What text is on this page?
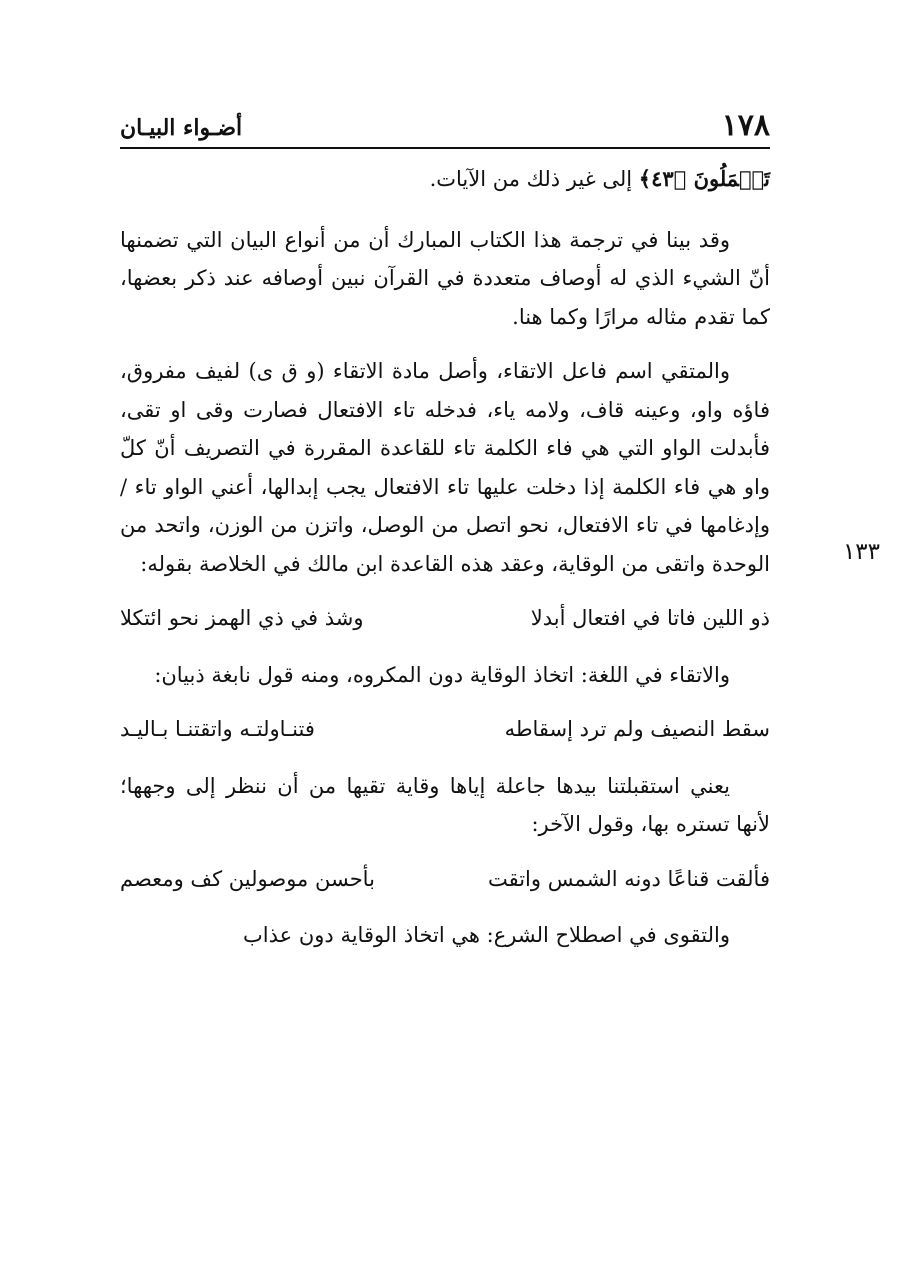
١٧٨
أضـواء البيـان
١٣٣

تَعۡمَلُونَ ﴿٤٣﴾ إلى غير ذلك من الآيات.

وقد بينا في ترجمة هذا الكتاب المبارك أن من أنواع البيان التي تضمنها أنّ الشيء الذي له أوصاف متعددة في القرآن نبين أوصافه عند ذكر بعضها، كما تقدم مثاله مرارًا وكما هنا.

والمتقي اسم فاعل الاتقاء، وأصل مادة الاتقاء (و ق ى) لفيف مفروق، فاؤه واو، وعينه قاف، ولامه ياء، فدخله تاء الافتعال فصارت وقى او تقى، فأبدلت الواو التي هي فاء الكلمة تاء للقاعدة المقررة في التصريف أنّ كلّ واو هي فاء الكلمة إذا دخلت عليها تاء الافتعال يجب إبدالها، أعني الواو تاء / وإدغامها في تاء الافتعال، نحو اتصل من الوصل، واتزن من الوزن، واتحد من الوحدة واتقى من الوقاية، وعقد هذه القاعدة ابن مالك في الخلاصة بقوله:

ذو اللين فاتا في افتعال أبدلا
وشذ في ذي الهمز نحو ائتكلا

والاتقاء في اللغة: اتخاذ الوقاية دون المكروه، ومنه قول نابغة ذبيان:

سقط النصيف ولم ترد إسقاطه
فتنـاولتـه واتقتنـا بـاليـد

يعني استقبلتنا بيدها جاعلة إياها وقاية تقيها من أن ننظر إلى وجهها؛ لأنها تستره بها، وقول الآخر:

فألقت قناعًا دونه الشمس واتقت
بأحسن موصولين كف ومعصم

والتقوى في اصطلاح الشرع: هي اتخاذ الوقاية دون عذاب
